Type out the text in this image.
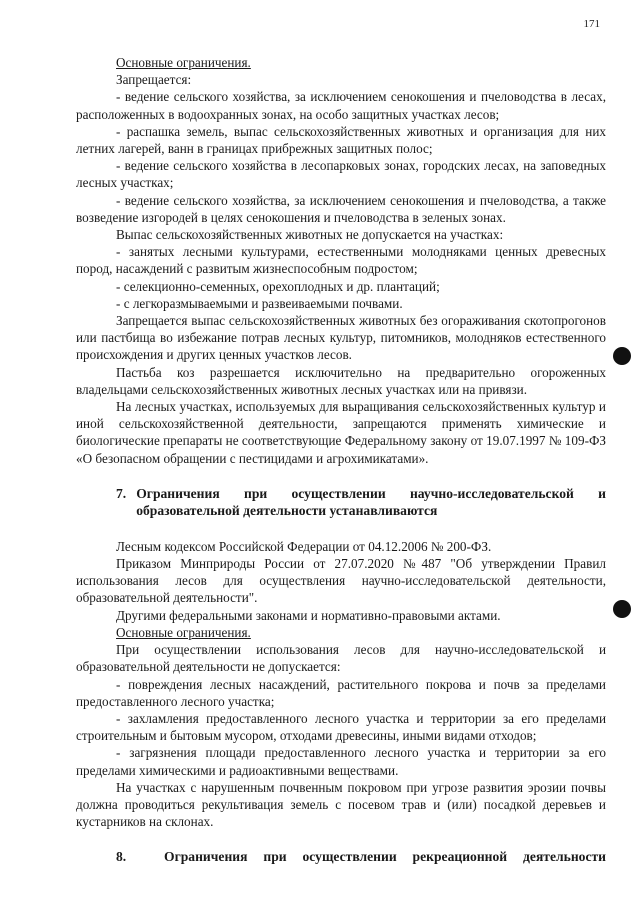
171

Основные ограничения.

Запрещается:

- ведение сельского хозяйства, за исключением сенокошения и пчеловодства в лесах, расположенных в водоохранных зонах, на особо защитных участках лесов;

- распашка земель, выпас сельскохозяйственных животных и организация для них летних лагерей, ванн в границах прибрежных защитных полос;

- ведение сельского хозяйства в лесопарковых зонах, городских лесах, на заповедных лесных участках;

- ведение сельского хозяйства, за исключением сенокошения и пчеловодства, а также возведение изгородей в целях сенокошения и пчеловодства в зеленых зонах.

Выпас сельскохозяйственных животных не допускается на участках:

- занятых лесными культурами, естественными молодняками ценных древесных пород, насаждений с развитым жизнеспособным подростом;

- селекционно-семенных, орехоплодных и др. плантаций;

- с легкоразмываемыми и развеиваемыми почвами.

Запрещается выпас сельскохозяйственных животных без огораживания скотопрогонов или пастбища во избежание потрав лесных культур, питомников, молодняков естественного происхождения и других ценных участков лесов.

Пастьба коз разрешается исключительно на предварительно огороженных владельцами сельскохозяйственных животных лесных участках или на привязи.

На лесных участках, используемых для выращивания сельскохозяйственных культур и иной сельскохозяйственной деятельности, запрещаются применять химические и биологические препараты не соответствующие Федеральному закону от 19.07.1997 № 109-ФЗ «О безопасном обращении с пестицидами и агрохимикатами».

7. Ограничения при осуществлении научно-исследовательской и образовательной деятельности устанавливаются

Лесным кодексом Российской Федерации от 04.12.2006 № 200-ФЗ.

Приказом Минприроды России от 27.07.2020 №487 "Об утверждении Правил использования лесов для осуществления научно-исследовательской деятельности, образовательной деятельности".

Другими федеральными законами и нормативно-правовыми актами.

Основные ограничения.

При осуществлении использования лесов для научно-исследовательской и образовательной деятельности не допускается:

- повреждения лесных насаждений, растительного покрова и почв за пределами предоставленного лесного участка;

- захламления предоставленного лесного участка и территории за его пределами строительным и бытовым мусором, отходами древесины, иными видами отходов;

- загрязнения площади предоставленного лесного участка и территории за его пределами химическими и радиоактивными веществами.

На участках с нарушенным почвенным покровом при угрозе развития эрозии почвы должна проводиться рекультивация земель с посевом трав и (или) посадкой деревьев и кустарников на склонах.

8.	Ограничения при осуществлении рекреационной деятельности
